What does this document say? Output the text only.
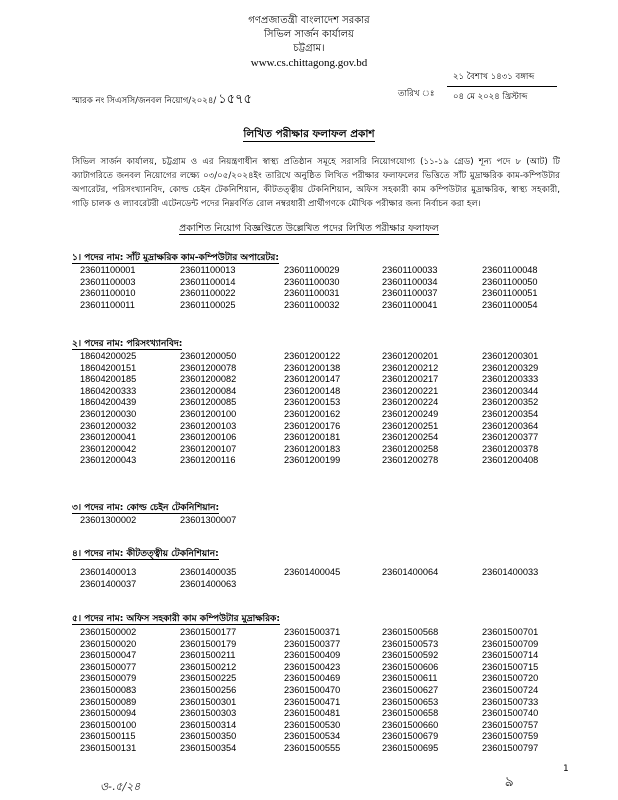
গণপ্রজাতন্ত্রী বাংলাদেশ সরকার
সিভিল সার্জন কার্যালয়
চট্টগ্রাম।
www.cs.chittagong.gov.bd
স্মারক নং সিএসসি/জনবল নিয়োগ/২০২৪/ ১৫৭৫	তারিখ ঃ
২১ বৈশাখ ১৪৩১ বঙ্গাব্দ
০৪ মে ২০২৪ খ্রিস্টাব্দ
লিখিত পরীক্ষার ফলাফল প্রকাশ
সিভিল সার্জন কার্যালয়, চট্টগ্রাম ও এর নিয়ন্ত্রণাধীন স্বাস্থ্য প্রতিষ্ঠান সমূহে সরাসরি নিয়োগযোগ্য (১১-১৯ গ্রেড) শূন্য পদে ৮ (আট) টি ক্যাটাগরিতে জনবল নিয়োগের লক্ষ্যে ০৩/০৫/২০২৪ইং তারিখে অনুষ্ঠিত লিখিত পরীক্ষার ফলাফলের ভিত্তিতে সাঁট মুদ্রাক্ষরিক কাম-কম্পিউটার অপারেটর, পরিসংখ্যানবিদ, কোল্ড চেইন টেকনিশিয়ান, কীটতত্ত্বীয় টেকনিশিয়ান, অফিস সহকারী কাম কম্পিউটার মুদ্রাক্ষরিক, স্বাস্থ্য সহকারী, গাড়ি চালক ও ল্যাবরেটরী এটেনডেন্ট পদের নিম্নবর্ণিত রোল নম্বরধারী প্রার্থীগণকে মৌখিক পরীক্ষার জন্য নির্বাচন করা হল।
প্রকাশিত নিয়োগ বিজ্ঞপ্তিতে উল্লেখিত পদের লিখিত পরীক্ষার ফলাফল
১। পদের নাম: সাঁট মুদ্রাক্ষরিক কাম-কম্পিউটার অপারেটর:
23601100001	23601100013	23601100029	23601100033	23601100048
23601100003	23601100014	23601100030	23601100034	23601100050
23601100010	23601100022	23601100031	23601100037	23601100051
23601100011	23601100025	23601100032	23601100041	23601100054
২। পদের নাম: পরিসংখ্যানবিদ:
18604200025	23601200050	23601200122	23601200201	23601200301
18604200151	23601200078	23601200138	23601200212	23601200329
18604200185	23601200082	23601200147	23601200217	23601200333
18604200333	23601200084	23601200148	23601200221	23601200344
18604200439	23601200085	23601200153	23601200224	23601200352
23601200030	23601200100	23601200162	23601200249	23601200354
23601200032	23601200103	23601200176	23601200251	23601200364
23601200041	23601200106	23601200181	23601200254	23601200377
23601200042	23601200107	23601200183	23601200258	23601200378
23601200043	23601200116	23601200199	23601200278	23601200408
৩। পদের নাম: কোল্ড চেইন টেকনিশিয়ান:
23601300002	23601300007
৪। পদের নাম: কীটতত্ত্বীয় টেকনিশিয়ান:
23601400013	23601400035	23601400045	23601400064	23601400033
23601400037	23601400063
৫। পদের নাম: অফিস সহকারী কাম কম্পিউটার মুদ্রাক্ষরিক:
23601500002	23601500177	23601500371	23601500568	23601500701
23601500020	23601500179	23601500377	23601500573	23601500709
23601500047	23601500211	23601500409	23601500592	23601500714
23601500077	23601500212	23601500423	23601500606	23601500715
23601500079	23601500225	23601500469	23601500611	23601500720
23601500083	23601500256	23601500470	23601500627	23601500724
23601500089	23601500301	23601500471	23601500653	23601500733
23601500094	23601500303	23601500481	23601500658	23601500740
23601500100	23601500314	23601500530	23601500660	23601500757
23601500115	23601500350	23601500534	23601500679	23601500759
23601500131	23601500354	23601500555	23601500695	23601500797
1
ও-.৫/২৪	ঌ
